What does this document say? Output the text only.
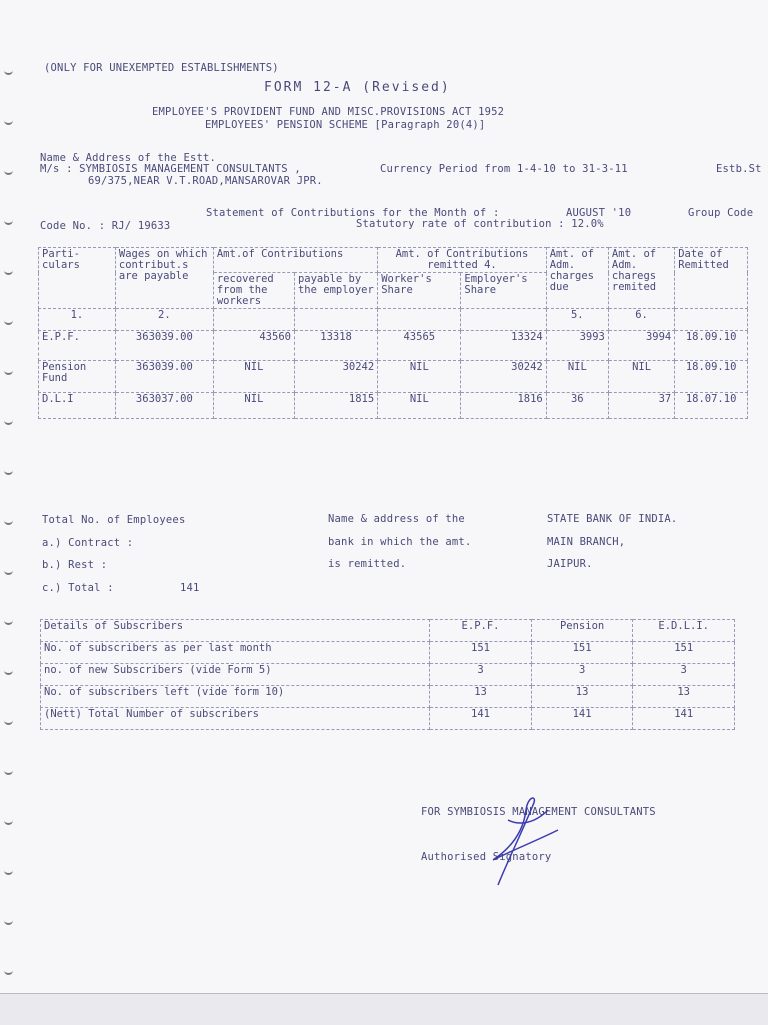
(ONLY FOR UNEXEMPTED ESTABLISHMENTS)
FORM 12-A (Revised)
EMPLOYEE'S PROVIDENT FUND AND MISC.PROVISIONS ACT 1952
EMPLOYEES' PENSION SCHEME [Paragraph 20(4)]
Name & Address of the Estt.
M/s : SYMBIOSIS MANAGEMENT CONSULTANTS ,
69/375,NEAR V.T.ROAD,MANSAROVAR JPR.
Currency Period from 1-4-10 to 31-3-11	Estb.St
Statement of Contributions for the Month of :	AUGUST '10	Group Code
Code No. : RJ/ 19633	Statutory rate of contribution : 12.0%
Parti- culars	Wages on which contribut.s are payable	Amt.of Contributions		Amt. of Contributions remitted 4.		Amt. of Adm. charges due	Amt. of Adm. charegs remited	Date of Remitted
		recovered from the workers	payable by the employer	Worker's Share	Employer's Share			
1.	2.					5.	6.	
E.P.F.	363039.00	43560	13318	43565	13324	3993	3994	18.09.10
Pension Fund	363039.00	NIL	30242	NIL	30242	NIL	NIL	18.09.10
D.L.I	363037.00	NIL	1815	NIL	1816	36	37	18.07.10
Total No. of Employees
a.) Contract :
b.) Rest :
c.) Total :	141
Name & address of the
bank in which the amt.
is remitted.
STATE BANK OF INDIA.
MAIN BRANCH,
JAIPUR.
Details of Subscribers	E.P.F.	Pension	E.D.L.I.
No. of subscribers as per last month	151	151	151
no. of new Subscribers (vide Form 5)	3	3	3
No. of subscribers left (vide form 10)	13	13	13
(Nett) Total Number of subscribers	141	141	141
FOR SYMBIOSIS MANAGEMENT CONSULTANTS
Authorised Signatory
